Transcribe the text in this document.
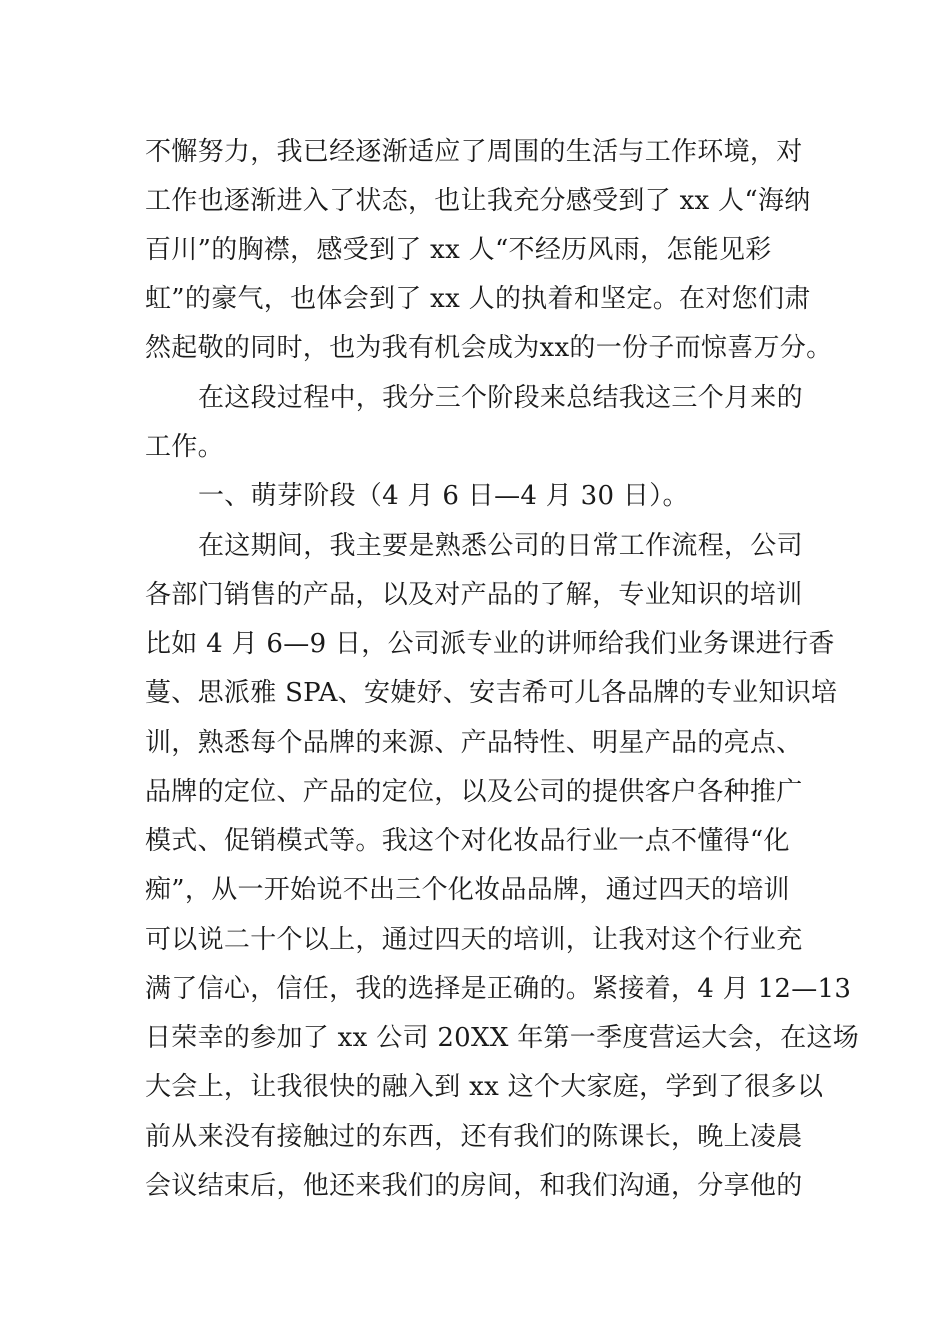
不懈努力，我已经逐渐适应了周围的生活与工作环境，对
工作也逐渐进入了状态，也让我充分感受到了 xx 人“海纳
百川”的胸襟，感受到了 xx 人“不经历风雨，怎能见彩
虹”的豪气，也体会到了 xx 人的执着和坚定。在对您们肃
然起敬的同时，也为我有机会成为xx的一份子而惊喜万分。
在这段过程中，我分三个阶段来总结我这三个月来的
工作。
一、萌芽阶段（4 月 6 日—4 月 30 日）。
在这期间，我主要是熟悉公司的日常工作流程，公司
各部门销售的产品，以及对产品的了解，专业知识的培训
比如 4 月 6—9 日，公司派专业的讲师给我们业务课进行香
蔓、思派雅 SPA、安婕妤、安吉希可儿各品牌的专业知识培
训，熟悉每个品牌的来源、产品特性、明星产品的亮点、
品牌的定位、产品的定位，以及公司的提供客户各种推广
模式、促销模式等。我这个对化妆品行业一点不懂得“化
痴”，从一开始说不出三个化妆品品牌，通过四天的培训
可以说二十个以上，通过四天的培训，让我对这个行业充
满了信心，信任，我的选择是正确的。紧接着，4 月 12—13
日荣幸的参加了 xx 公司 20XX 年第一季度营运大会，在这场
大会上，让我很快的融入到 xx 这个大家庭，学到了很多以
前从来没有接触过的东西，还有我们的陈课长，晚上凌晨
会议结束后，他还来我们的房间，和我们沟通，分享他的
